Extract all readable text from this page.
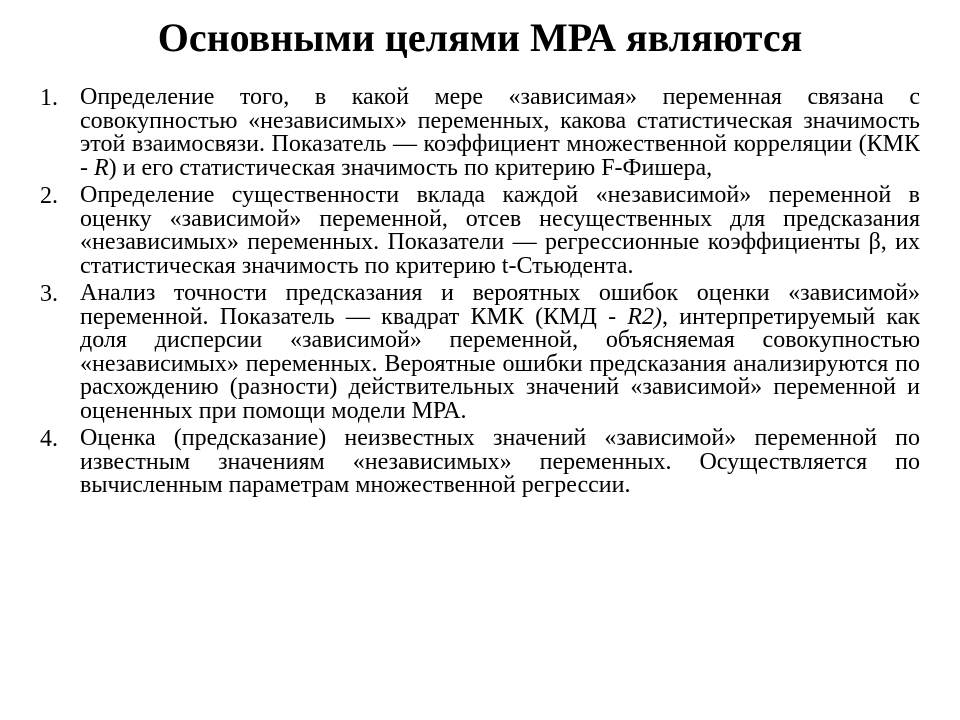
Основными целями МРА являются
1. Определение того, в какой мере «зависимая» переменная связана с совокупностью «независимых» переменных, какова статистическая значимость этой взаимосвязи. Показатель — коэффициент множественной корреляции (КМК - R) и его статистическая значимость по критерию F-Фишера,
2. Определение существенности вклада каждой «независимой» переменной в оценку «зависимой» переменной, отсев несущественных для предсказания «независимых» переменных. Показатели — регрессионные коэффициенты β, их статистическая значимость по критерию t-Стьюдента.
3. Анализ точности предсказания и вероятных ошибок оценки «зависимой» переменной. Показатель — квадрат КМК (КМД - R2), интерпретируемый как доля дисперсии «зависимой» переменной, объясняемая совокупностью «независимых» переменных. Вероятные ошибки предсказания анализируются по расхождению (разности) действительных значений «зависимой» переменной и оцененных при помощи модели МРА.
4. Оценка (предсказание) неизвестных значений «зависимой» переменной по известным значениям «независимых» переменных. Осуществляется по вычисленным параметрам множественной регрессии.
